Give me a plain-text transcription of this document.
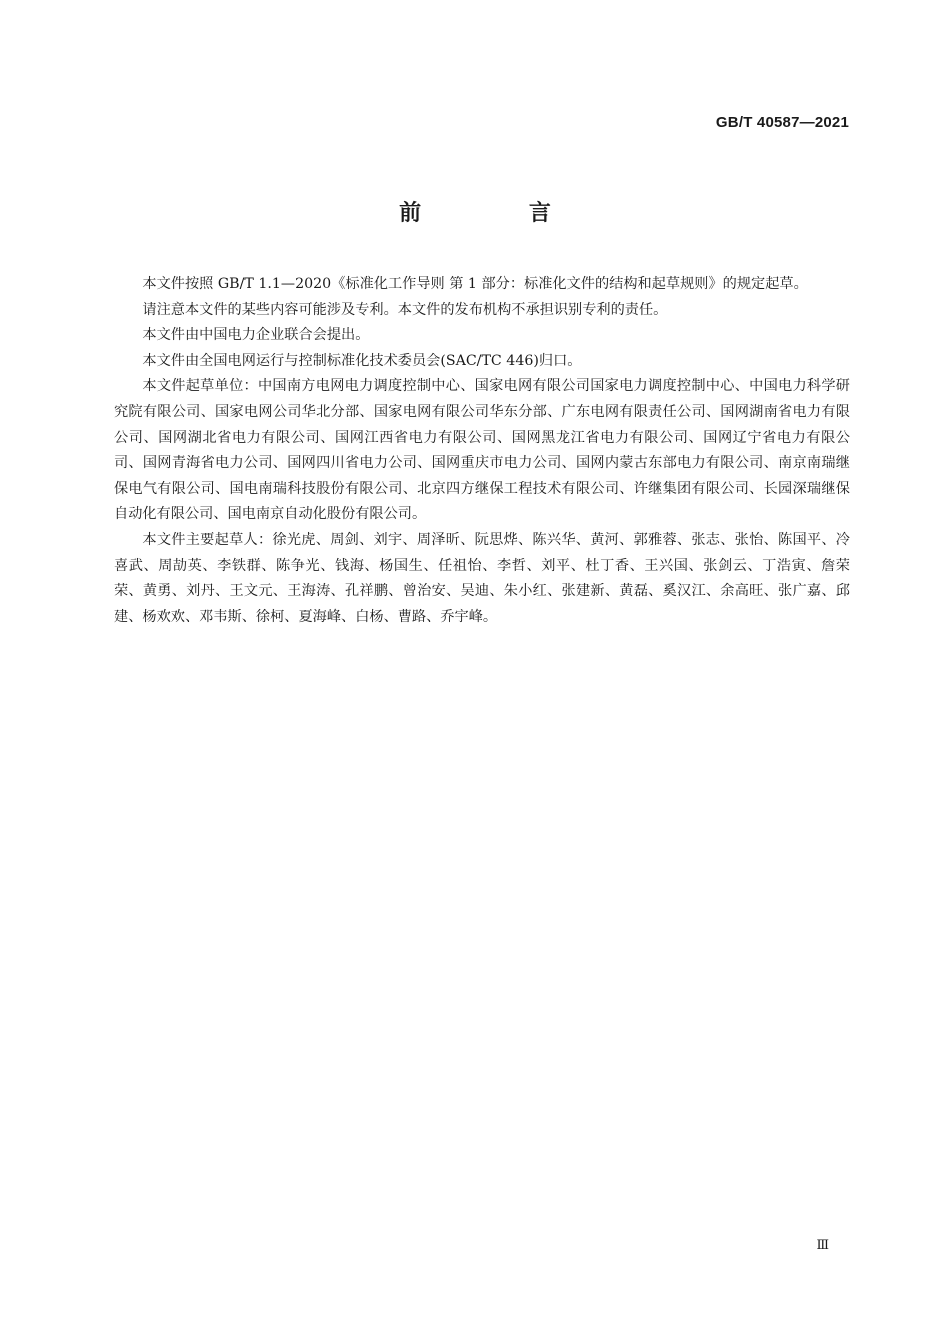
GB/T 40587—2021
前 言

本文件按照 GB/T 1.1—2020《标准化工作导则 第 1 部分：标准化文件的结构和起草规则》的规定起草。

请注意本文件的某些内容可能涉及专利。本文件的发布机构不承担识别专利的责任。

本文件由中国电力企业联合会提出。

本文件由全国电网运行与控制标准化技术委员会(SAC/TC 446)归口。

本文件起草单位：中国南方电网电力调度控制中心、国家电网有限公司国家电力调度控制中心、中国电力科学研究院有限公司、国家电网公司华北分部、国家电网有限公司华东分部、广东电网有限责任公司、国网湖南省电力有限公司、国网湖北省电力有限公司、国网江西省电力有限公司、国网黑龙江省电力有限公司、国网辽宁省电力有限公司、国网青海省电力公司、国网四川省电力公司、国网重庆市电力公司、国网内蒙古东部电力有限公司、南京南瑞继保电气有限公司、国电南瑞科技股份有限公司、北京四方继保工程技术有限公司、许继集团有限公司、长园深瑞继保自动化有限公司、国电南京自动化股份有限公司。

本文件主要起草人：徐光虎、周剑、刘宇、周泽昕、阮思烨、陈兴华、黄河、郭雅蓉、张志、张怡、陈国平、冷喜武、周劼英、李铁群、陈争光、钱海、杨国生、任祖怡、李哲、刘平、杜丁香、王兴国、张剑云、丁浩寅、詹荣荣、黄勇、刘丹、王文元、王海涛、孔祥鹏、曾治安、吴迪、朱小红、张建新、黄磊、奚汉江、余高旺、张广嘉、邱建、杨欢欢、邓韦斯、徐柯、夏海峰、白杨、曹路、乔宇峰。

Ⅲ
